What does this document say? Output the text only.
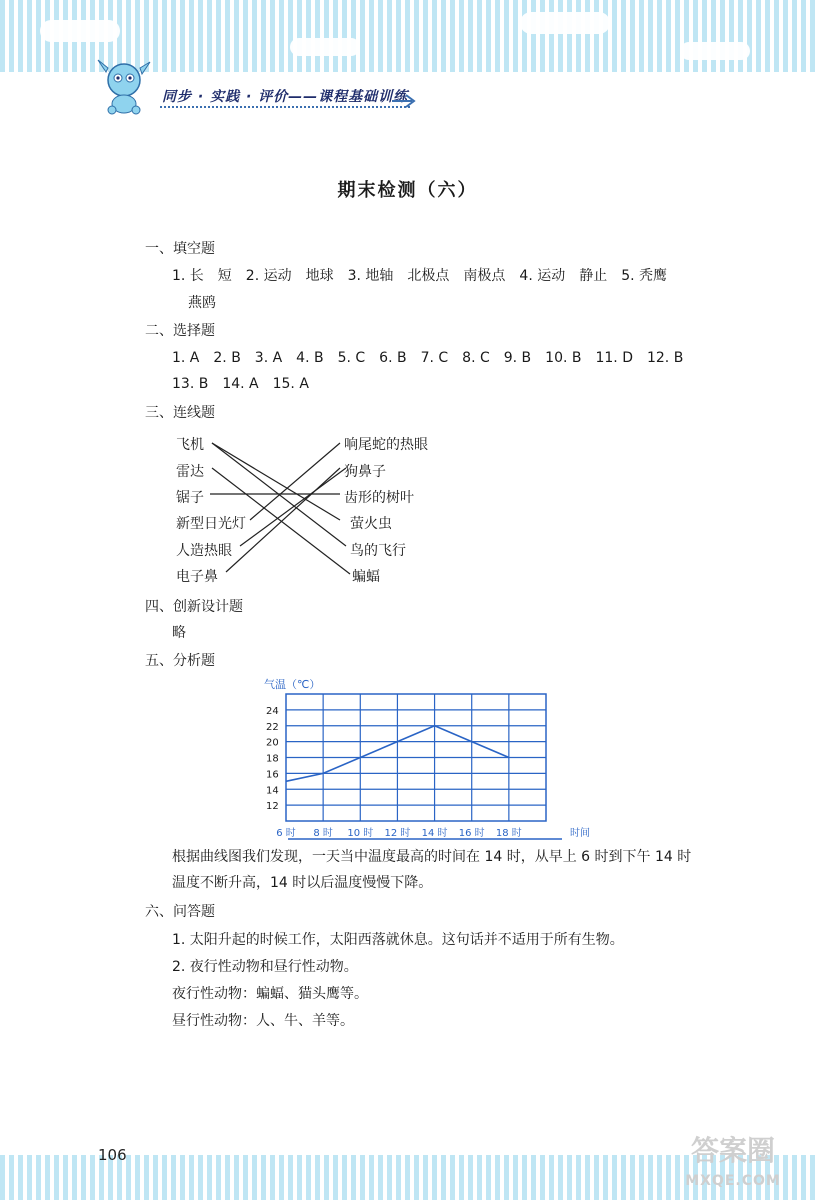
同步 · 实践 · 评价——课程基础训练
期末检测（六）
一、填空题
1. 长　短　2. 运动　地球　3. 地轴　北极点　南极点　4. 运动　静止　5. 秃鹰
燕鸥
二、选择题
1. A　2. B　3. A　4. B　5. C　6. B　7. C　8. C　9. B　10. B　11. D　12. B
13. B　14. A　15. A
三、连线题
飞机
雷达
锯子
新型日光灯
人造热眼
电子鼻
响尾蛇的热眼
狗鼻子
齿形的树叶
萤火虫
鸟的飞行
蝙蝠
四、创新设计题
略
五、分析题
12
14
16
18
20
22
24
6 时 8 时 10 时 12 时 14 时 16 时 18 时
气温（℃）
时间
根据曲线图我们发现，一天当中温度最高的时间在 14 时，从早上 6 时到下午 14 时
温度不断升高，14 时以后温度慢慢下降。
六、问答题
1. 太阳升起的时候工作，太阳西落就休息。这句话并不适用于所有生物。
2. 夜行性动物和昼行性动物。
夜行性动物：蝙蝠、猫头鹰等。
昼行性动物：人、牛、羊等。
106	答案圈
MXQE.COM
